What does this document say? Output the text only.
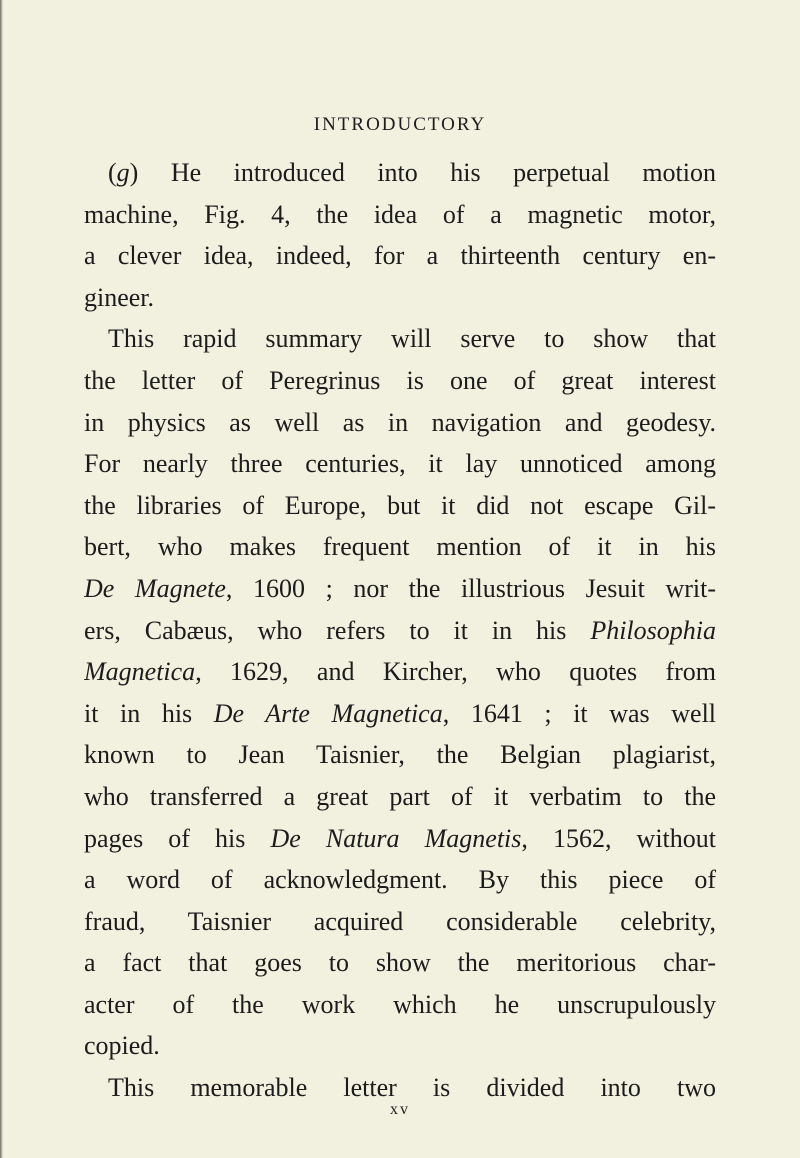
INTRODUCTORY
(g) He introduced into his perpetual motion
machine, Fig. 4, the idea of a magnetic motor,
a clever idea, indeed, for a thirteenth century en-
gineer.
This rapid summary will serve to show that
the letter of Peregrinus is one of great interest
in physics as well as in navigation and geodesy.
For nearly three centuries, it lay unnoticed among
the libraries of Europe, but it did not escape Gil-
bert, who makes frequent mention of it in his
De Magnete, 1600 ; nor the illustrious Jesuit writ-
ers, Cabæus, who refers to it in his Philosophia
Magnetica, 1629, and Kircher, who quotes from
it in his De Arte Magnetica, 1641 ; it was well
known to Jean Taisnier, the Belgian plagiarist,
who transferred a great part of it verbatim to the
pages of his De Natura Magnetis, 1562, without
a word of acknowledgment. By this piece of
fraud, Taisnier acquired considerable celebrity,
a fact that goes to show the meritorious char-
acter of the work which he unscrupulously
copied.
This memorable letter is divided into two
xv
